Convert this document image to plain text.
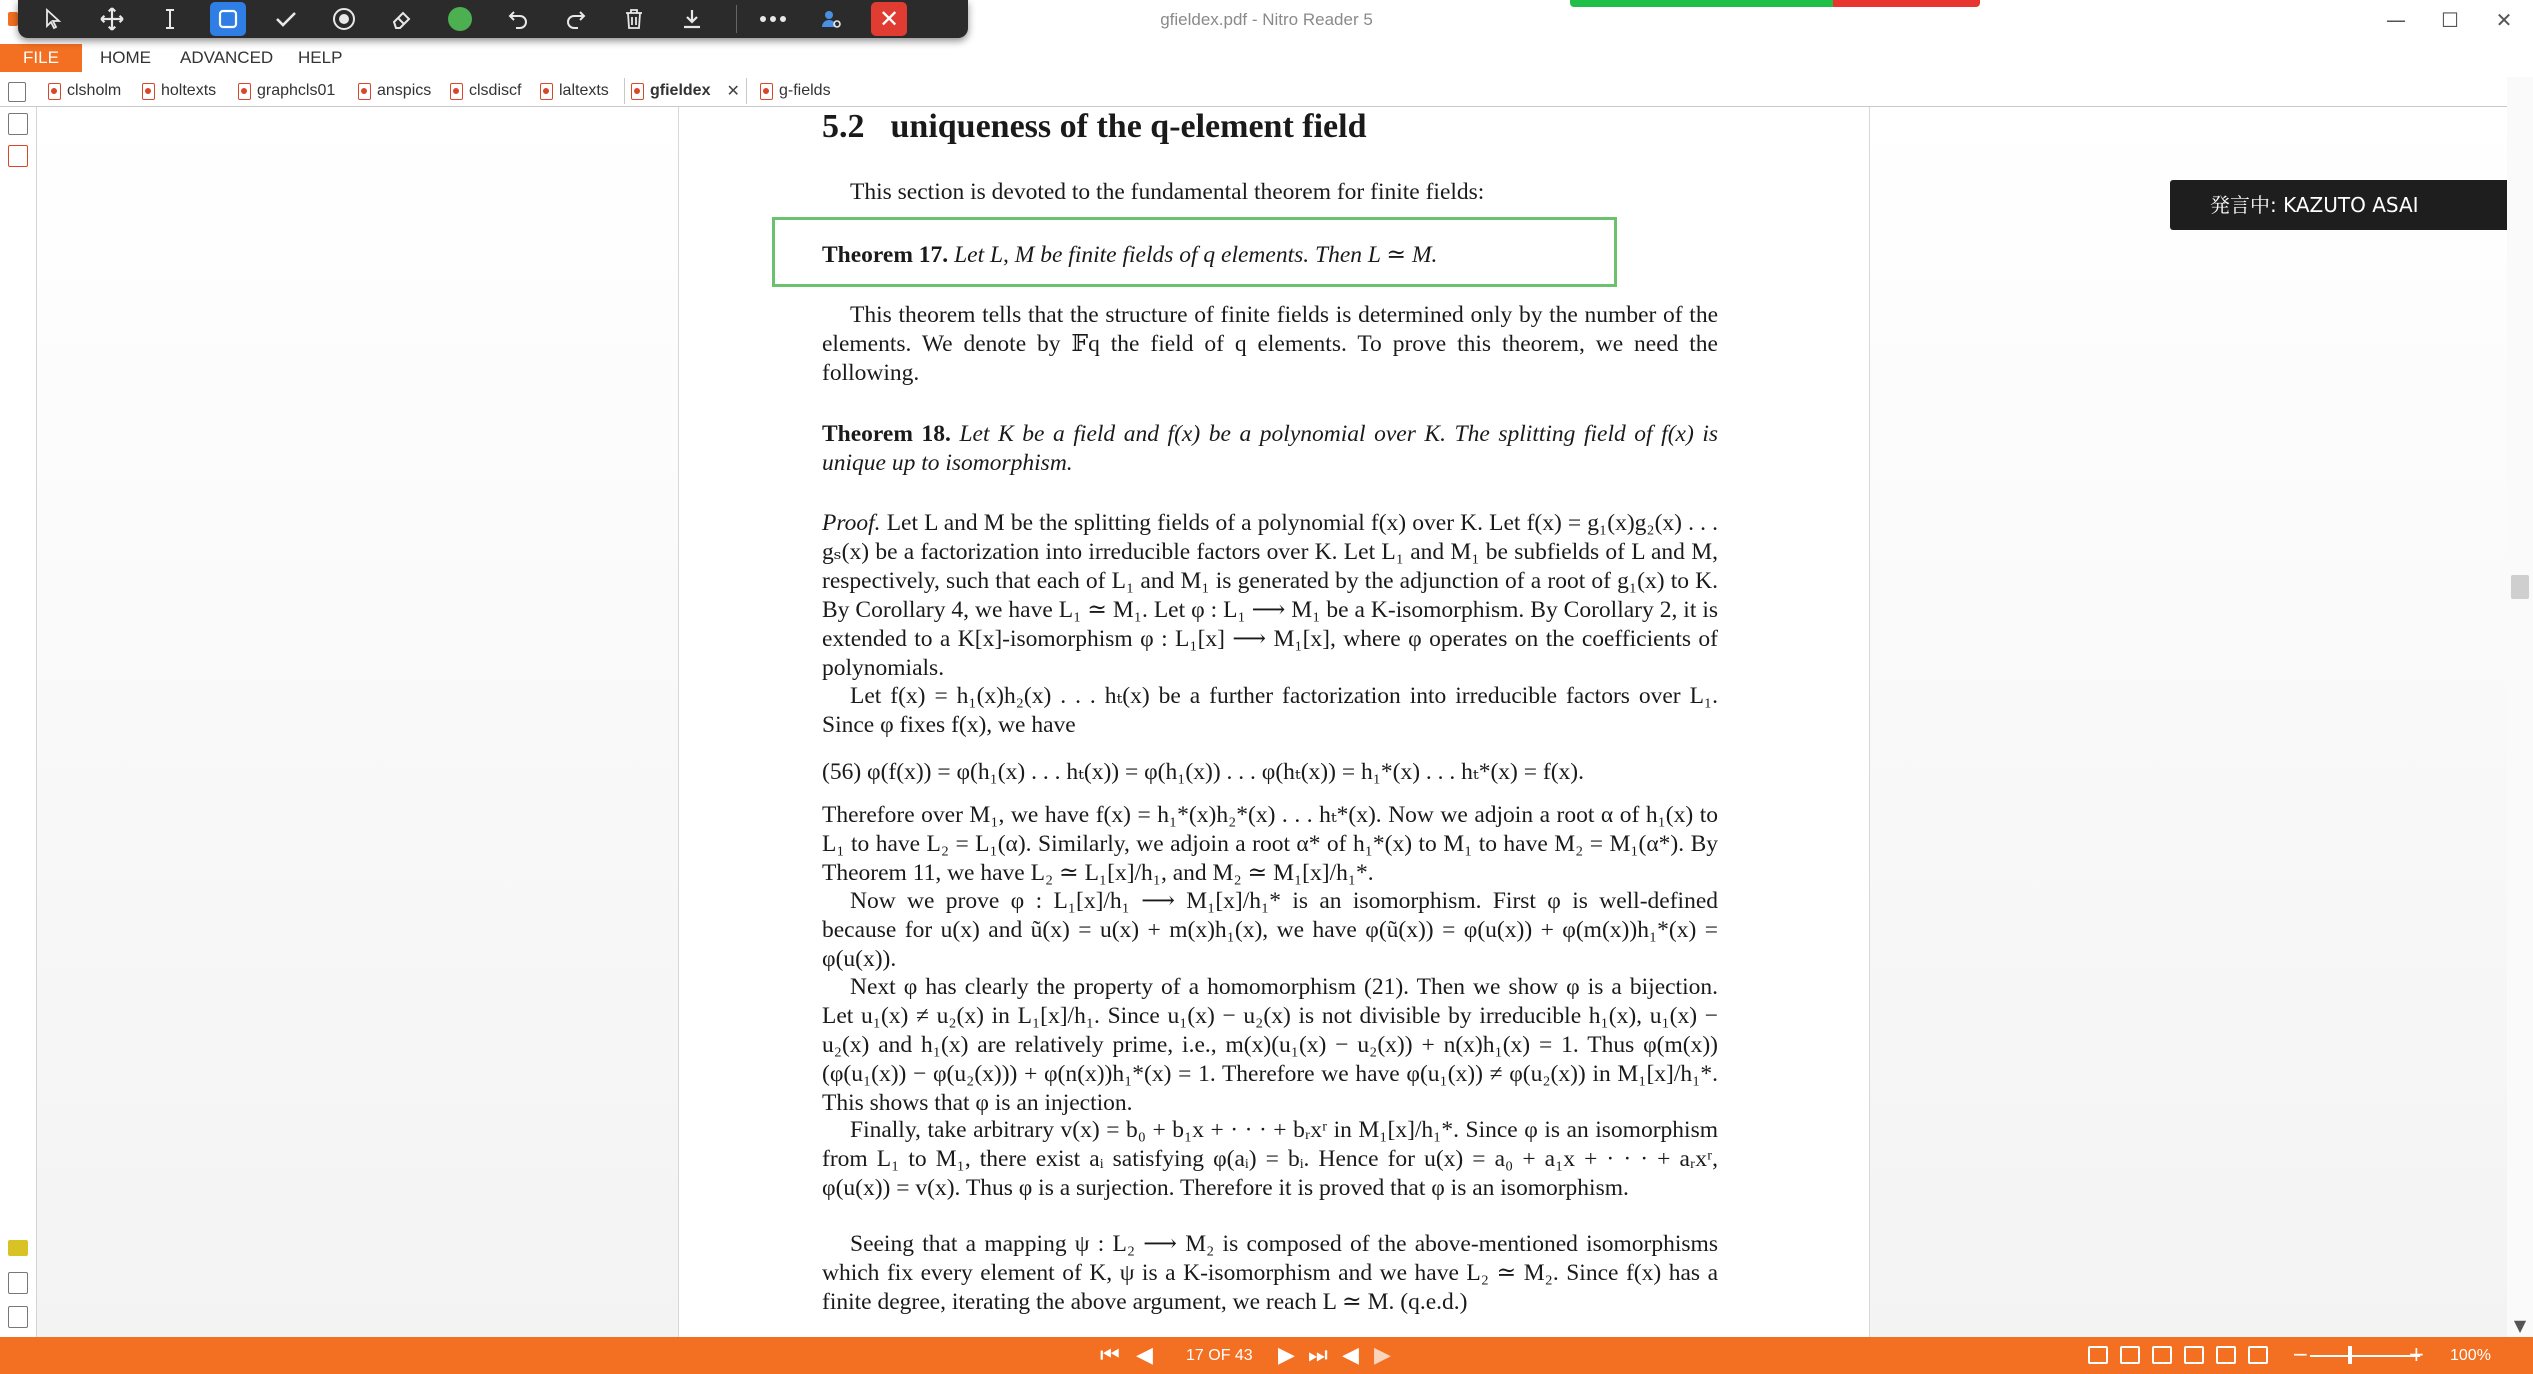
gfieldex.pdf - Nitro Reader 5	—	☐	✕
✕
FILE	HOME ADVANCED HELP
clsholm holtexts	graphcls01	anspics clsdiscf laltexts	gfieldex ✕ g-fields
5.2 uniqueness of the q-element field
This section is devoted to the fundamental theorem for finite fields:
Theorem 17. Let L, M be finite fields of q elements. Then L ≃ M.
This theorem tells that the structure of finite fields is determined only by the number of the elements. We denote by 𝔽q the field of q elements. To prove this theorem, we need the following.
Theorem 18. Let K be a field and f(x) be a polynomial over K. The splitting field of f(x) is unique up to isomorphism.
Proof. Let L and M be the splitting fields of a polynomial f(x) over K. Let f(x) = g₁(x)g₂(x) . . . gₛ(x) be a factorization into irreducible factors over K. Let L₁ and M₁ be subfields of L and M, respectively, such that each of L₁ and M₁ is generated by the adjunction of a root of g₁(x) to K. By Corollary 4, we have L₁ ≃ M₁. Let φ : L₁ ⟶ M₁ be a K-isomorphism. By Corollary 2, it is extended to a K[x]-isomorphism φ : L₁[x] ⟶ M₁[x], where φ operates on the coefficients of polynomials.
Let f(x) = h₁(x)h₂(x) . . . hₜ(x) be a further factorization into irreducible factors over L₁. Since φ fixes f(x), we have
(56) φ(f(x)) = φ(h₁(x) . . . hₜ(x)) = φ(h₁(x)) . . . φ(hₜ(x)) = h₁*(x) . . . hₜ*(x) = f(x).
Therefore over M₁, we have f(x) = h₁*(x)h₂*(x) . . . hₜ*(x). Now we adjoin a root α of h₁(x) to L₁ to have L₂ = L₁(α). Similarly, we adjoin a root α* of h₁*(x) to M₁ to have M₂ = M₁(α*). By Theorem 11, we have L₂ ≃ L₁[x]/h₁, and M₂ ≃ M₁[x]/h₁*.
Now we prove φ : L₁[x]/h₁ ⟶ M₁[x]/h₁* is an isomorphism. First φ is well-defined because for u(x) and ũ(x) = u(x) + m(x)h₁(x), we have φ(ũ(x)) = φ(u(x)) + φ(m(x))h₁*(x) = φ(u(x)).
Next φ has clearly the property of a homomorphism (21). Then we show φ is a bijection. Let u₁(x) ≠ u₂(x) in L₁[x]/h₁. Since u₁(x) − u₂(x) is not divisible by irreducible h₁(x), u₁(x) − u₂(x) and h₁(x) are relatively prime, i.e., m(x)(u₁(x) − u₂(x)) + n(x)h₁(x) = 1. Thus φ(m(x))(φ(u₁(x)) − φ(u₂(x))) + φ(n(x))h₁*(x) = 1. Therefore we have φ(u₁(x)) ≠ φ(u₂(x)) in M₁[x]/h₁*. This shows that φ is an injection.
Finally, take arbitrary v(x) = b₀ + b₁x + · · · + bᵣxʳ in M₁[x]/h₁*. Since φ is an isomorphism from L₁ to M₁, there exist aᵢ satisfying φ(aᵢ) = bᵢ. Hence for u(x) = a₀ + a₁x + · · · + aᵣxʳ, φ(u(x)) = v(x). Thus φ is a surjection. Therefore it is proved that φ is an isomorphism.
Seeing that a mapping ψ : L₂ ⟶ M₂ is composed of the above-mentioned isomorphisms which fix every element of K, ψ is a K-isomorphism and we have L₂ ≃ M₂. Since f(x) has a finite degree, iterating the above argument, we reach L ≃ M. (q.e.d.)
発言中: KAZUTO ASAI
▼
⏮ ◀ 17 OF 43 ▶ ⏭ ◀ ▶	−	+ 100%
